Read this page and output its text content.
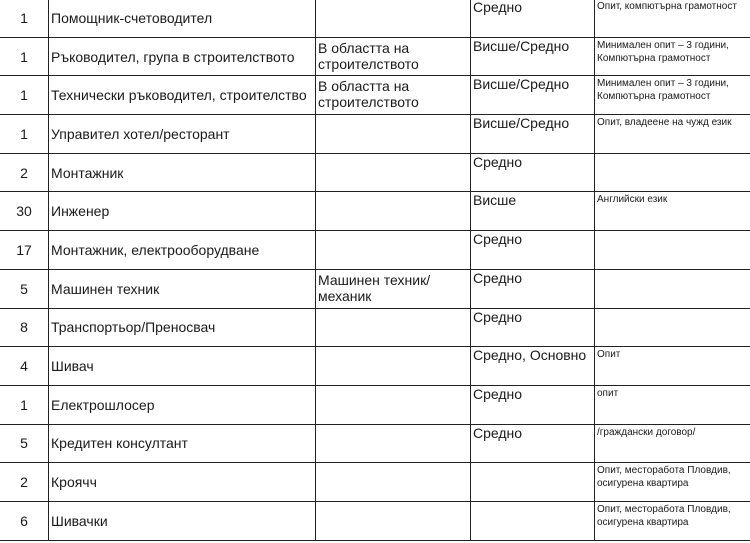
1	Помощник-счетоводител		Средно	Опит, компютърна грамотност
1	Ръководител, група в строителството	В областта на строителството	Висше/Средно	Минимален опит – 3 години, Компютърна грамотност
1	Технически ръководител, строителство	В областта на строителството	Висше/Средно	Минимален опит – 3 години, Компютърна грамотност
1	Управител хотел/ресторант		Висше/Средно	Опит, владеене на чужд език
2	Монтажник		Средно	
30	Инженер		Висше	Английски език
17	Монтажник, електрооборудване		Средно	
5	Машинен техник	Машинен техник/механик	Средно	
8	Транспортьор/Преносвач		Средно	
4	Шивач		Средно, Основно	Опит
1	Електрошлосер		Средно	опит
5	Кредитен консултант		Средно	/граждански договор/
2	Кроячч			Опит, месторабота Пловдив, осигурена квартира
6	Шивачки			Опит, месторабота Пловдив, осигурена квартира
